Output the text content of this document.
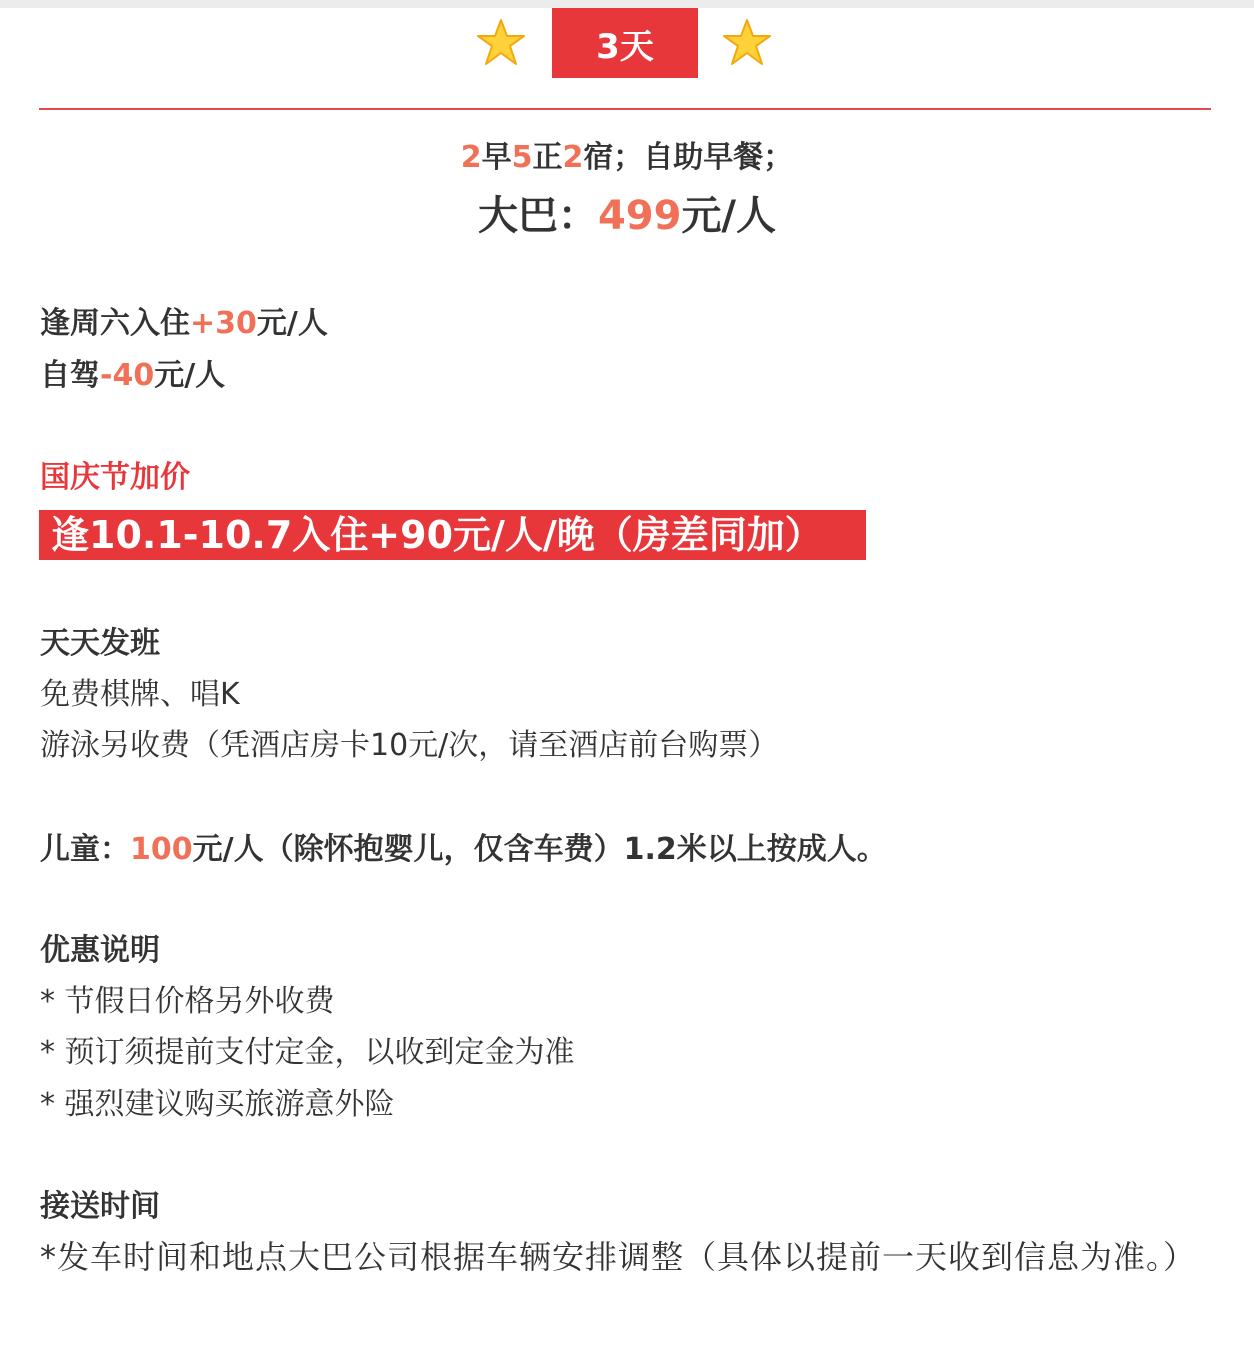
3天
2早5正2宿；自助早餐；
大巴：499元/人
逢周六入住+30元/人
自驾-40元/人
国庆节加价
逢10.1-10.7入住+90元/人/晚（房差同加）
天天发班
免费棋牌、唱K
游泳另收费（凭酒店房卡10元/次，请至酒店前台购票）
儿童：100元/人（除怀抱婴儿，仅含车费）1.2米以上按成人。
优惠说明
* 节假日价格另外收费
* 预订须提前支付定金，以收到定金为准
* 强烈建议购买旅游意外险
接送时间
*发车时间和地点大巴公司根据车辆安排调整（具体以提前一天收到信息为准。）
